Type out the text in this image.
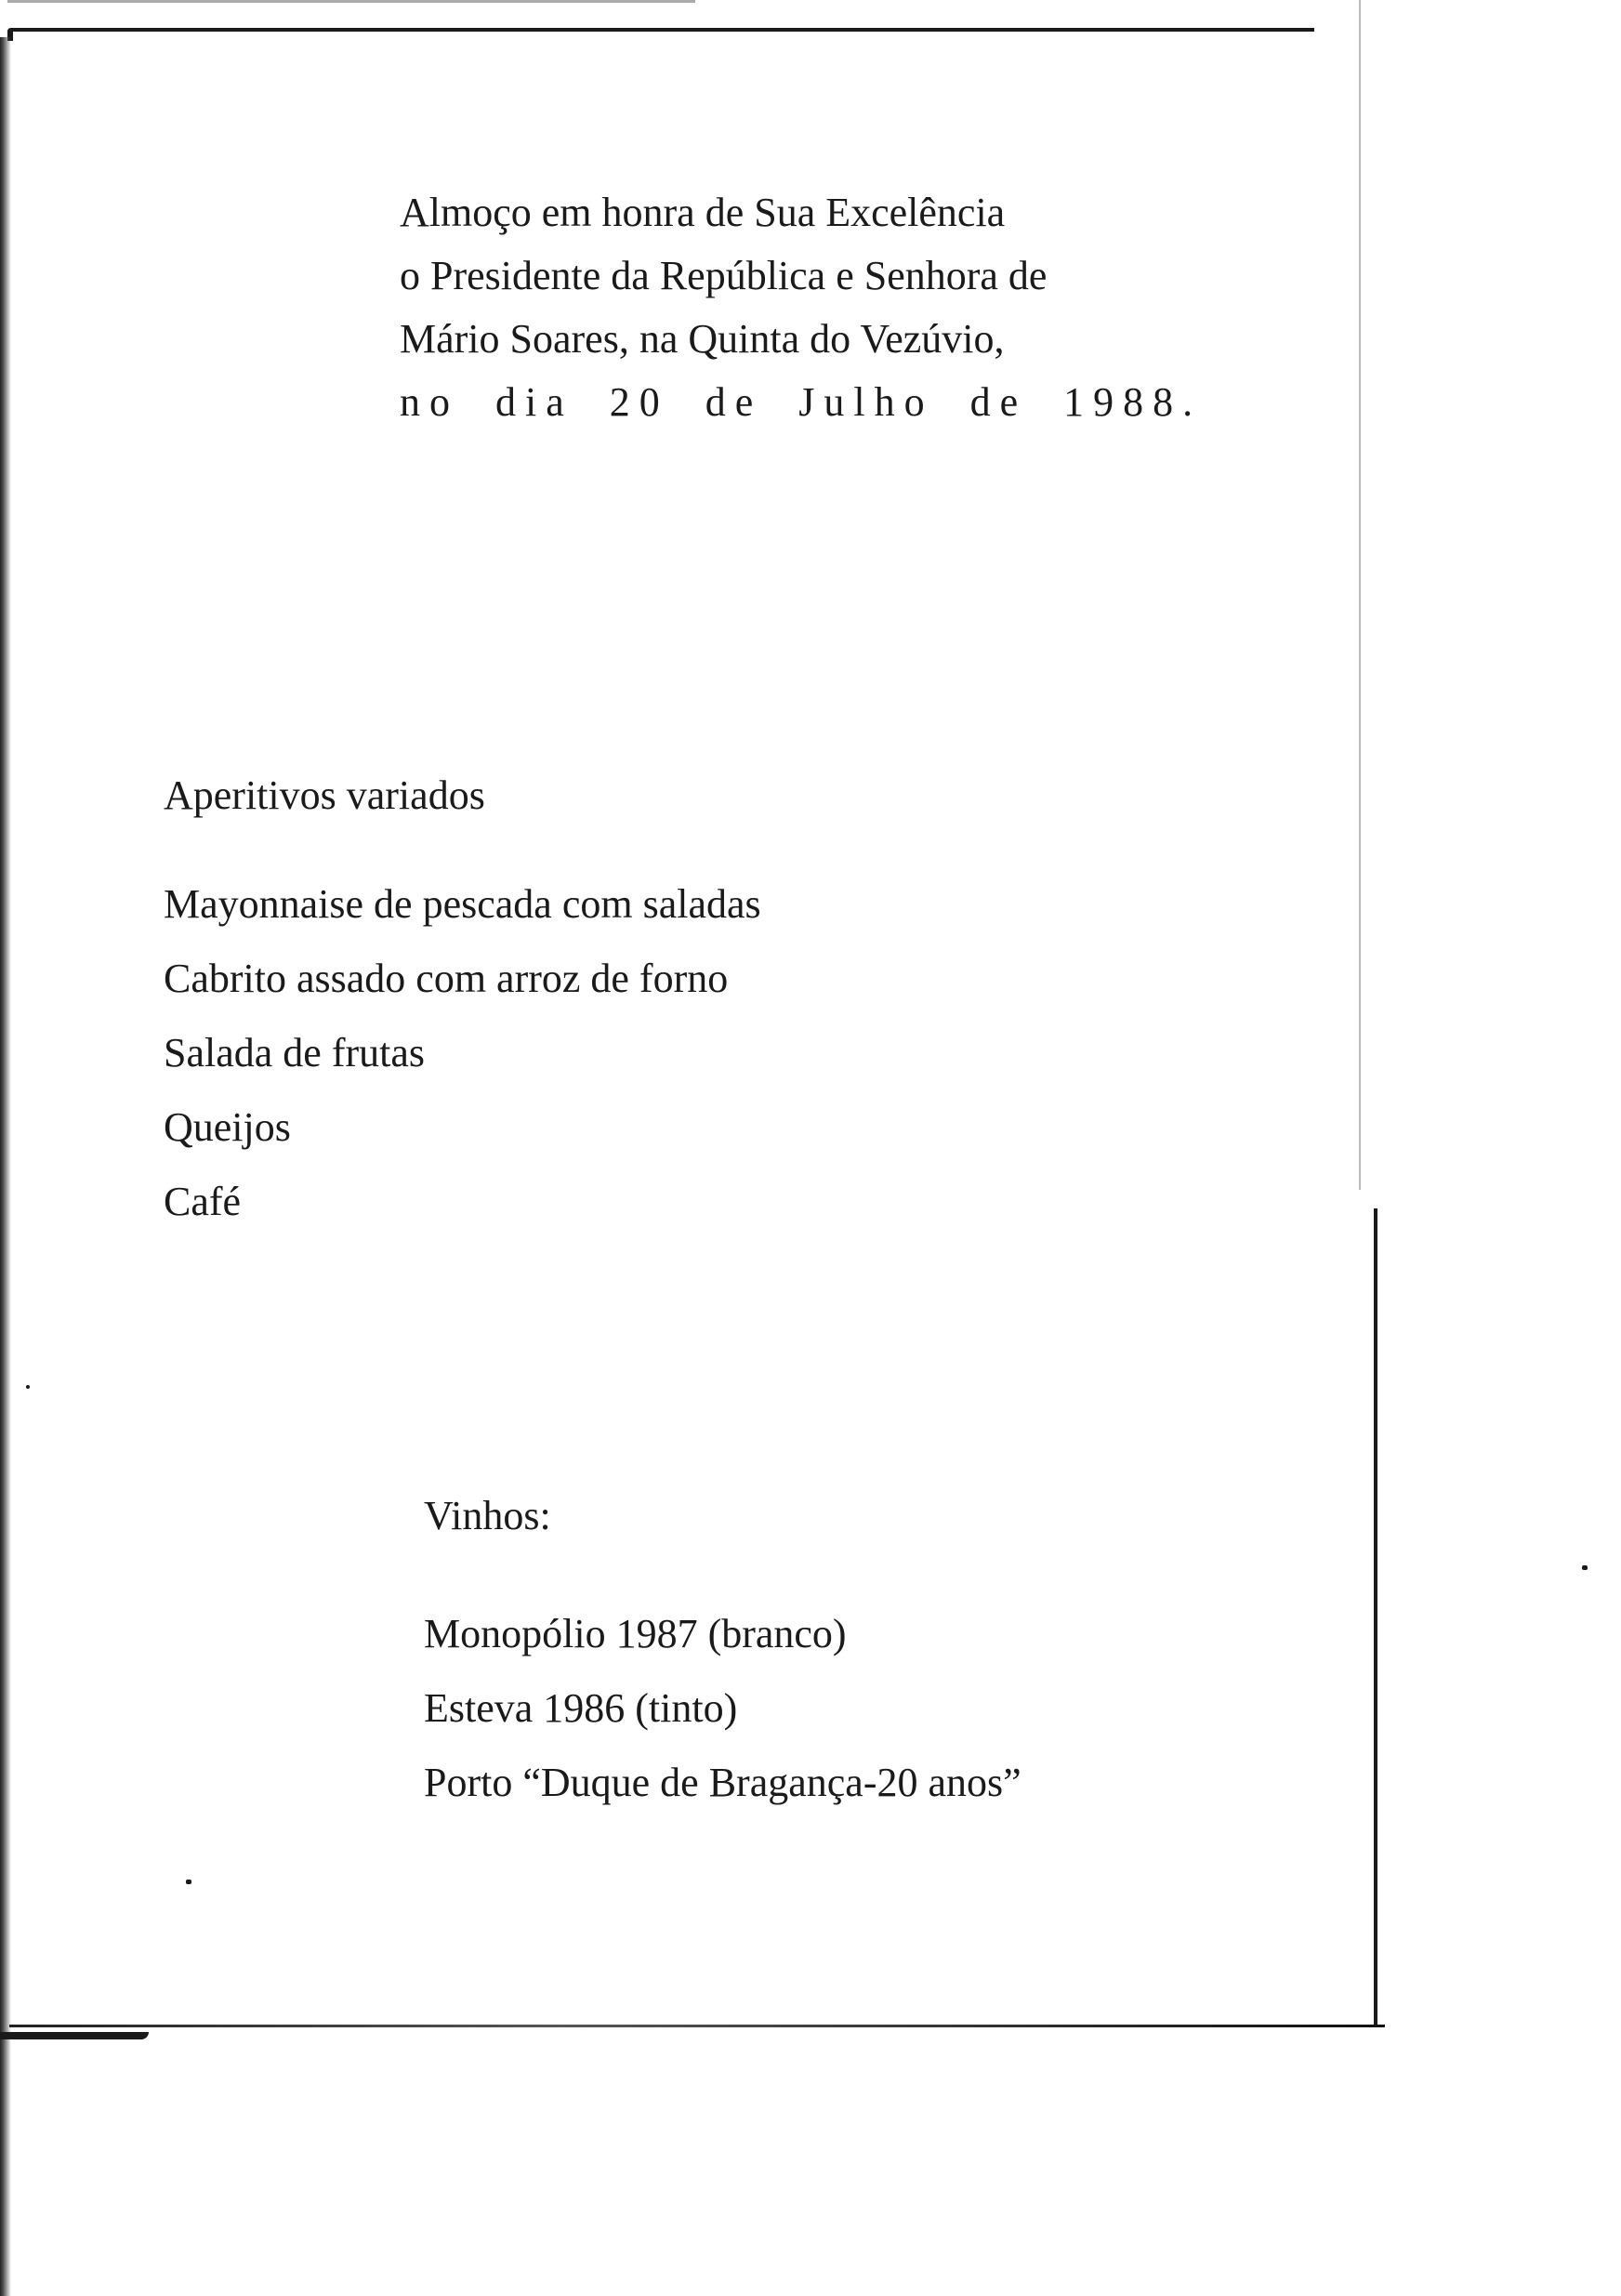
Almoço em honra de Sua Excelência
o Presidente da República e Senhora de
Mário Soares, na Quinta do Vezúvio,
no dia 20 de Julho de 1988.
Aperitivos variados
Mayonnaise de pescada com saladas
Cabrito assado com arroz de forno
Salada de frutas
Queijos
Café
Vinhos:
Monopólio 1987 (branco)
Esteva 1986 (tinto)
Porto “Duque de Bragança-20 anos”
